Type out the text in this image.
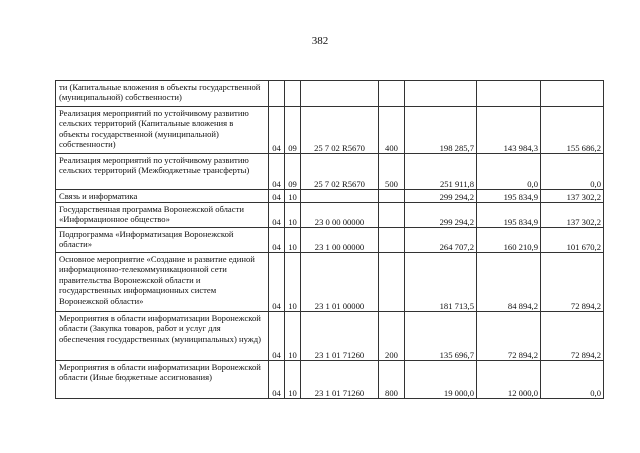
382
ти (Капитальные вложения в объекты государственной (муниципальной) собственности)							
Реализация мероприятий по устойчивому развитию сельских территорий (Капитальные вложения в объекты государственной (муниципальной) собственности)	04	09	25 7 02 R5670	400	198 285,7	143 984,3	155 686,2
Реализация мероприятий по устойчивому развитию сельских территорий (Межбюджетные трансферты)	04	09	25 7 02 R5670	500	251 911,8	0,0	0,0
Связь и информатика	04	10			299 294,2	195 834,9	137 302,2
Государственная программа Воронежской области «Информационное общество»	04	10	23 0 00 00000		299 294,2	195 834,9	137 302,2
Подпрограмма «Информатизация Воронежской области»	04	10	23 1 00 00000		264 707,2	160 210,9	101 670,2
Основное мероприятие «Создание и развитие единой информационно-телекоммуникационной сети правительства Воронежской области и государственных информационных систем Воронежской области»	04	10	23 1 01 00000		181 713,5	84 894,2	72 894,2
Мероприятия в области информатизации Воронежской области (Закупка товаров, работ и услуг для обеспечения государственных (муниципальных) нужд)	04	10	23 1 01 71260	200	135 696,7	72 894,2	72 894,2
Мероприятия в области информатизации Воронежской области (Иные бюджетные ассигнования)	04	10	23 1 01 71260	800	19 000,0	12 000,0	0,0
